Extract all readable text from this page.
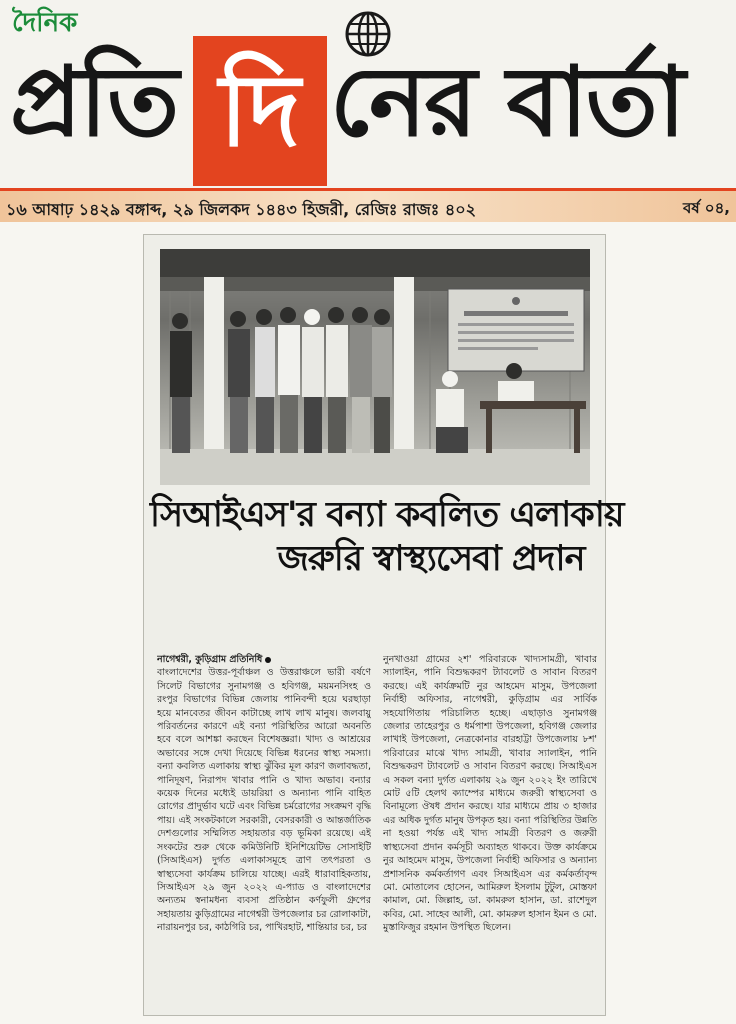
দৈনিক
প্রতি দি নের বার্তা
১৬ আষাঢ় ১৪২৯ বঙ্গাব্দ, ২৯ জিলকদ ১৪৪৩ হিজরী, রেজিঃ রাজঃ ৪০২	বর্ষ ০৪,
সিআইএস'র বন্যা কবলিত এলাকায়
জরুরি স্বাস্থ্যসেবা প্রদান
নাগেশ্বরী, কুড়িগ্রাম প্রতিনিধি
বাংলাদেশের উত্তর-পূর্বাঞ্চল ও উত্তরাঞ্চলে ভারী বর্ষণে সিলেট বিভাগের সুনামগঞ্জ ও হবিগঞ্জ, ময়মনসিংহ ও রংপুর বিভাগের বিভিন্ন জেলায় পানিবন্দী হয়ে ঘরছাড়া হয়ে মানবেতর জীবন কাটাচ্ছে লাখ লাখ মানুষ। জলবায়ু পরিবর্তনের কারণে এই বন্যা পরিস্থিতির আরো অবনতি হবে বলে আশঙ্কা করছেন বিশেষজ্ঞরা। খাদ্য ও আশ্রয়ের অভাবের সঙ্গে দেখা দিয়েছে বিভিন্ন ধরনের স্বাস্থ্য সমস্যা। বন্যা কবলিত এলাকায় স্বাস্থ্য ঝুঁকির মূল কারণ জলাবদ্ধতা, পানিদূষণ, নিরাপদ খাবার পানি ও খাদ্য অভাব। বন্যার কয়েক দিনের মধ্যেই ডায়রিয়া ও অন্যান্য পানি বাহিত রোগের প্রাদুর্ভাব ঘটে এবং বিভিন্ন চর্মরোগের সংক্রমণ বৃদ্ধি পায়। এই সংকটকালে সরকারী, বেসরকারী ও আন্তর্জাতিক দেশগুলোর সম্মিলিত সহায়তার বড় ভূমিকা রয়েছে। এই সংকটের শুরু থেকে কমিউনিটি ইনিশিয়েটিভ সোসাইটি (সিআইএস) দুর্গত এলাকাসমূহে ত্রাণ তৎপরতা ও স্বাস্থ্যসেবা কার্যক্রম চালিয়ে যাচ্ছে। এরই ধারাবাহিকতায়, সিআইএস ২৯ জুন ২০২২ এ-প্যাড ও বাংলাদেশের অন্যতম স্বনামধন্য ব্যবসা প্রতিষ্ঠান কর্ণফুলী গ্রুপের সহায়তায় কুড়িগ্রামের নাগেশ্বরী উপজেলার চর রোলাকাটা, নারায়নপুর চর, কাঠগিরি চর, পাখিরহাট, শান্তিয়ার চর, চর
নুনখাওয়া গ্রামের ২শ' পরিবারকে খাদ্যসামগ্রী, খাবার স্যালাইন, পানি বিশুদ্ধকরণ ট্যাবলেট ও সাবান বিতরণ করছে। এই কার্যক্রমটি নুর আহমেদ মাসুম, উপজেলা নির্বাহী অফিসার, নাগেশ্বরী, কুড়িগ্রাম এর সার্বিক সহযোগিতায় পরিচালিত হচ্ছে। এছাড়াও সুনামগঞ্জ জেলার তাহেরপুর ও ধর্মপাশা উপজেলা, হবিগঞ্জ জেলার লাখাই উপজেলা, নেত্রকোনার বারহাট্টা উপজেলায় ৮শ' পরিবারের মাঝে খাদ্য সামগ্রী, খাবার স্যালাইন, পানি বিশুদ্ধকরণ ট্যাবলেট ও সাবান বিতরণ করছে। সিআইএস এ সকল বন্যা দুর্গত এলাকায় ২৯ জুন ২০২২ ইং তারিখে মোট ৫টি হেলথ ক্যাম্পের মাধ্যমে জরুরী স্বাস্থ্যসেবা ও বিনামূল্যে ঔষধ প্রদান করছে। যার মাধ্যমে প্রায় ৩ হাজার এর অধিক দুর্গত মানুষ উপকৃত হয়। বন্যা পরিস্থিতির উন্নতি না হওয়া পর্যন্ত এই খাদ্য সামগ্রী বিতরণ ও জরুরী স্বাস্থ্যসেবা প্রদান কর্মসূচী অব্যাহত থাকবে। উক্ত কার্যক্রমে নুর আহমেদ মাসুম, উপজেলা নির্বাহী অফিসার ও অন্যান্য প্রশাসনিক কর্মকর্তাগণ এবং সিআইএস এর কর্মকর্তাবৃন্দ মো. মোতালেব হোসেন, আমিরুল ইসলাম টুটুল, মোস্তফা কামাল, মো. জিল্লাহ, ডা. কামরুল হাসান, ডা. রাশেদুল কবির, মো. সাহেব আলী, মো. কামরুল হাসান ইমন ও মো. মুস্তাফিজুর রহমান উপস্থিত ছিলেন।
